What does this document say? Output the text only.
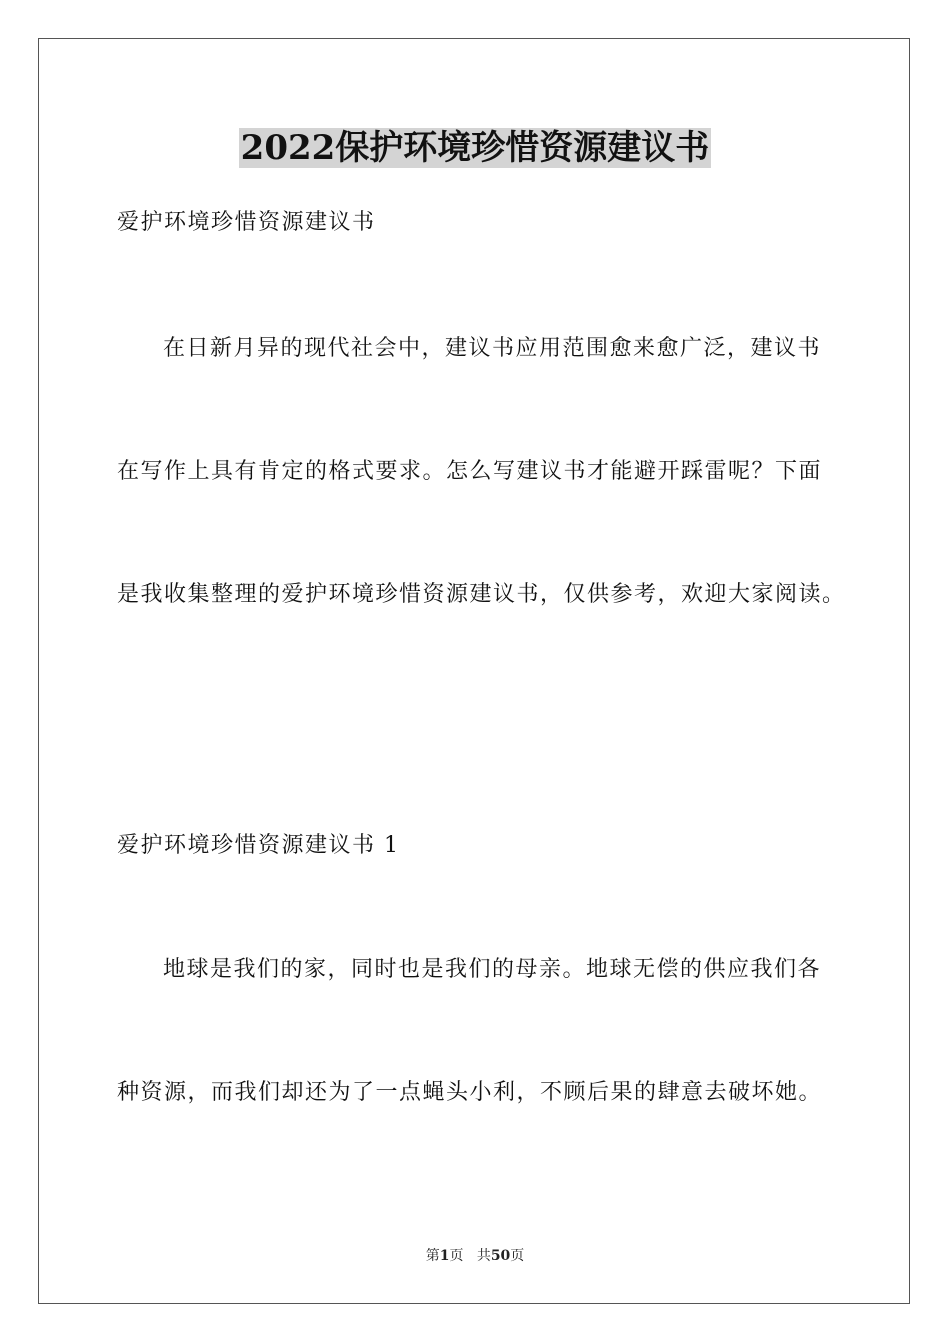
2022保护环境珍惜资源建议书
爱护环境珍惜资源建议书
在日新月异的现代社会中，建议书应用范围愈来愈广泛，建议书
在写作上具有肯定的格式要求。怎么写建议书才能避开踩雷呢？下面
是我收集整理的爱护环境珍惜资源建议书，仅供参考，欢迎大家阅读。
爱护环境珍惜资源建议书 1
地球是我们的家，同时也是我们的母亲。地球无偿的供应我们各
种资源，而我们却还为了一点蝇头小利，不顾后果的肆意去破坏她。
第1页 共50页
